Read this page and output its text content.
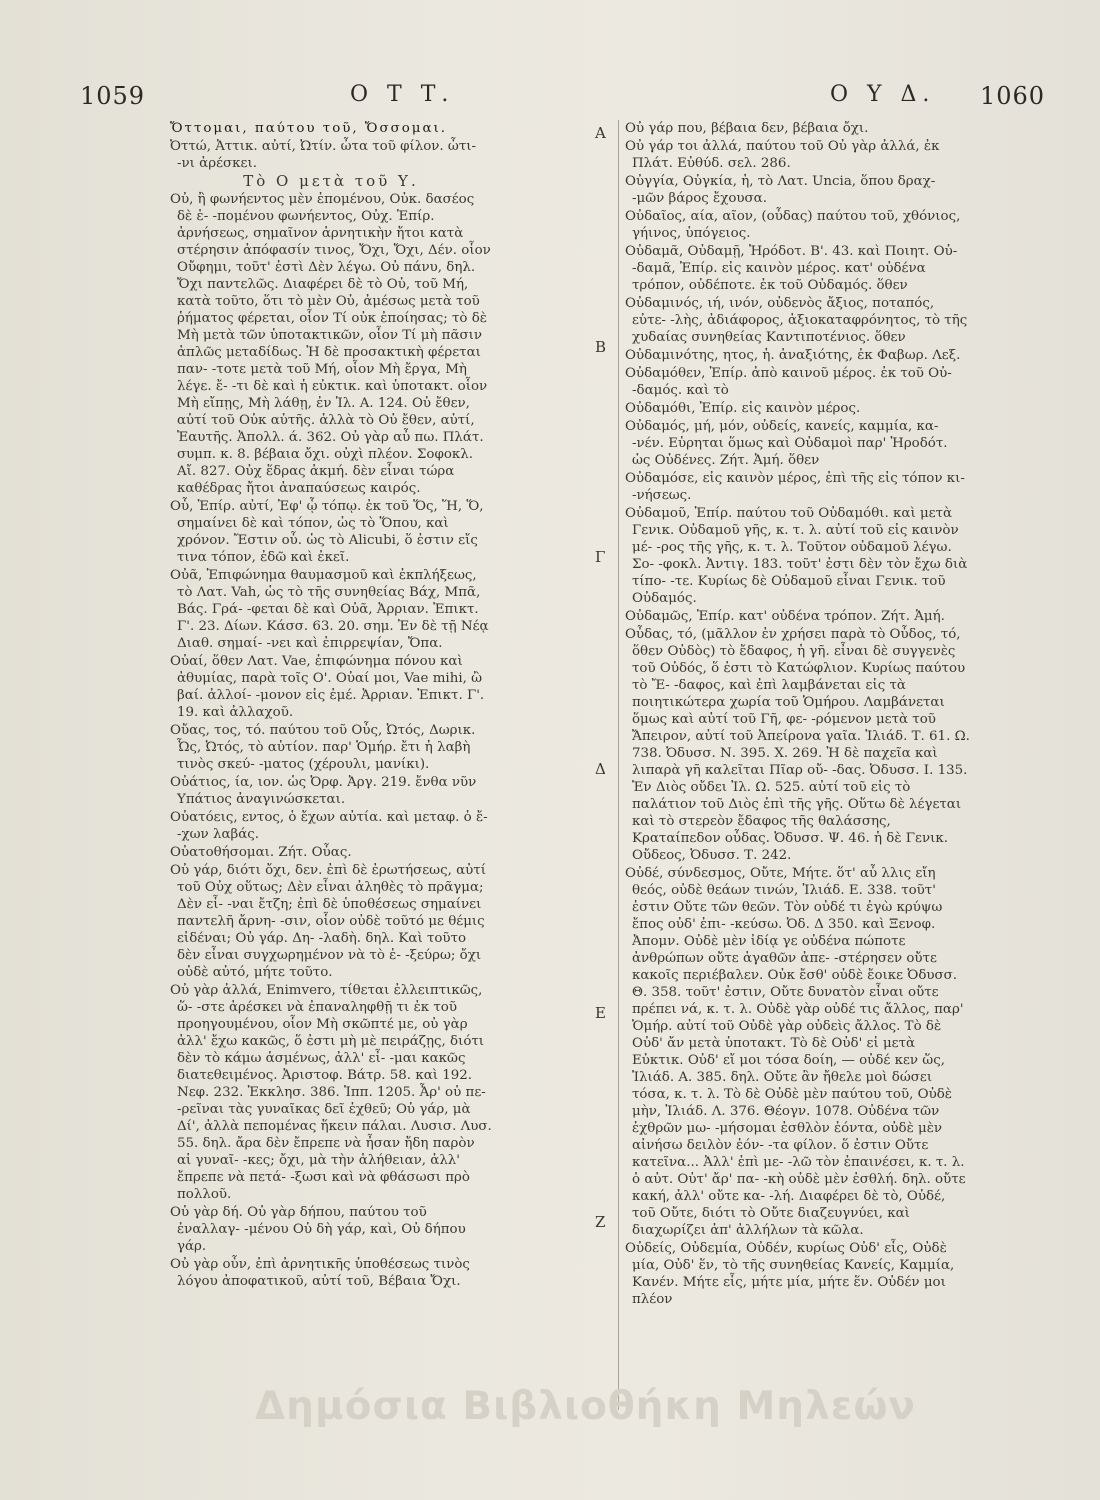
1059	Ο Τ Τ.	Ο Υ Δ. 1060
A
B
Γ
Δ
E
Z

Ὄττομαι, παύτου τοῦ, Ὄσσομαι.

Ὀττώ, Ἀττικ. αὐτί, Ὠτίν. ὦτα τοῦ φίλον. ὦτι- ‑νι ἀρέσκει.

Τὸ Ο μετὰ τοῦ Υ.

Οὐ, ἢ φωνήεντος μὲν ἑπομένου, Οὐκ. δασέος δὲ ἑ- ‑πομένου φωνήεντος, Οὐχ. Ἐπίρ. ἀρνήσεως, σημαῖνον ἀρνητικὴν ἤτοι κατὰ στέρησιν ἀπόφασίν τινος, Ὄχι, Ὄχι, Δέν. οἷον Οὔφημι, τοῦτ' ἐστὶ Δὲν λέγω. Οὐ πάνυ, δηλ. Ὄχι παντελῶς. Διαφέρει δὲ τὸ Οὐ, τοῦ Μή, κατὰ τοῦτο, ὅτι τὸ μὲν Οὐ, ἀμέσως μετὰ τοῦ ῥήματος φέρεται, οἷον Τί οὐκ ἐποίησας; τὸ δὲ Μὴ μετὰ τῶν ὑποτακτικῶν, οἷον Τί μὴ πᾶσιν ἁπλῶς μεταδίδως. Ἡ δὲ προσακτικὴ φέρεται παν- ‑τοτε μετὰ τοῦ Μή, οἷον Μὴ ἔργα, Μὴ λέγε. ἔ- ‑τι δὲ καὶ ἡ εὐκτικ. καὶ ὑποτακτ. οἷον Μὴ εἴπῃς, Μὴ λάθῃ, ἐν Ἰλ. Α. 124. Οὐ ἔθεν, αὐτί τοῦ Οὐκ αὐτῆς. ἀλλὰ τὸ Οὐ ἔθεν, αὐτί, Ἑαυτῆς. Ἀπολλ. ά. 362. Οὐ γὰρ αὖ πω. Πλάτ. συμπ. κ. 8. βέβαια ὄχι. οὐχὶ πλέον. Σοφοκλ. Αἴ. 827. Οὐχ ἕδρας ἀκμή. δὲν εἶναι τώρα καθέδρας ἤτοι ἀναπαύσεως καιρός.

Οὗ, Ἐπίρ. αὐτί, Ἐφ' ᾧ τόπῳ. ἐκ τοῦ Ὅς, Ἥ, Ὅ, σημαίνει δὲ καὶ τόπον, ὡς τὸ Ὅπου, καὶ χρόνον. Ἔστιν οὗ. ὡς τὸ Alicubi, ὅ ἐστιν εἴς τινα τόπον, ἐδῶ καὶ ἐκεῖ.

Οὐᾶ, Ἐπιφώνημα θαυμασμοῦ καὶ ἐκπλήξεως, τὸ Λατ. Vah, ὡς τὸ τῆς συνηθείας Βάχ, Μπᾶ, Βάς. Γρά- ‑φεται δὲ καὶ Οὐᾶ, Ἀρριαν. Ἐπικτ. Γ'. 23. Δίων. Κάσσ. 63. 20. σημ. Ἐν δὲ τῇ Νέᾳ Διαθ. σημαί- ‑νει καὶ ἐπιρρεψίαν, Ὄπα.

Οὐαί, ὅθεν Λατ. Vae, ἐπιφώνημα πόνου καὶ ἀθυμίας, παρὰ τοῖς Ο'. Οὐαί μοι, Vae mihi, ὢ βαί. ἀλλοί- ‑μονον εἰς ἐμέ. Ἀρριαν. Ἐπικτ. Γ'. 19. καὶ ἀλλαχοῦ.

Οὔας, τος, τό. παύτου τοῦ Οὖς, Ὠτός, Δωρικ. Ὦς, Ὠτός, τὸ αὐτίον. παρ' Ὁμήρ. ἔτι ἡ λαβὴ τινὸς σκεύ- ‑ματος (χέρουλι, μανίκι).

Οὐάτιος, ία, ιον. ὡς Ὀρφ. Ἀργ. 219. ἔνθα νῦν Υπάτιος ἀναγινώσκεται.

Οὐατόεις, εντος, ὁ ἔχων αὐτία. καὶ μεταφ. ὁ ἔ- ‑χων λαβάς.

Οὐατοθήσομαι. Ζήτ. Οὖας.

Οὐ γάρ, διότι ὄχι, δεν. ἐπὶ δὲ ἐρωτήσεως, αὐτί τοῦ Οὐχ οὕτως; Δὲν εἶναι ἀληθὲς τὸ πρᾶγμα; Δὲν εἶ- ‑ναι ἔτζη; ἐπὶ δὲ ὑποθέσεως σημαίνει παντελῆ ἄρνη- ‑σιν, οἷον οὐδὲ τοῦτό με θέμις εἰδέναι; Οὐ γάρ. Δη- ‑λαδὴ. δηλ. Καὶ τοῦτο δὲν εἶναι συγχωρημένον νὰ τὸ ἐ- ‑ξεύρω; ὄχι οὐδὲ αὐτό, μήτε τοῦτο.

Οὐ γὰρ ἀλλά, Enimvero, τίθεται ἐλλειπτικῶς, ὥ- ‑στε ἀρέσκει νὰ ἐπαναληφθῇ τι ἐκ τοῦ προηγουμένου, οἷον Μὴ σκῶπτέ με, οὐ γὰρ ἀλλ' ἔχω κακῶς, ὅ ἐστι μὴ μὲ πειράζῃς, διότι δὲν τὸ κάμω ἀσμένως, ἀλλ' εἶ- ‑μαι κακῶς διατεθειμένος. Ἀριστοφ. Βάτρ. 58. καὶ 192. Νεφ. 232. Ἐκκλησ. 386. Ἱππ. 1205. Ἆρ' οὐ πε- ‑ρεῖναι τὰς γυναῖκας δεῖ ἐχθεῦ; Οὐ γάρ, μὰ Δί', ἀλλὰ πεπομένας ἥκειν πάλαι. Λυσισ. Λυσ. 55. δηλ. ἄρα δὲν ἔπρεπε νὰ ἦσαν ἤδη παρὸν αἱ γυναῖ- ‑κες; ὄχι, μὰ τὴν ἀλήθειαν, ἀλλ' ἔπρεπε νὰ πετά- ‑ξωσι καὶ νὰ φθάσωσι πρὸ πολλοῦ.

Οὐ γὰρ δή. Οὐ γὰρ δήπου, παύτου τοῦ ἐναλλαγ- ‑μένου Οὐ δὴ γάρ, καὶ, Οὐ δήπου γάρ.

Οὐ γὰρ οὖν, ἐπὶ ἀρνητικῆς ὑποθέσεως τινὸς λόγου ἀποφατικοῦ, αὐτί τοῦ, Βέβαια Ὄχι.

Οὐ γάρ που, βέβαια δεν, βέβαια ὄχι.

Οὐ γάρ τοι ἀλλά, παύτου τοῦ Οὐ γὰρ ἀλλά, ἐκ Πλάτ. Εὐθύδ. σελ. 286.

Οὐγγία, Οὐγκία, ἡ, τὸ Λατ. Uncia, ὅπου δραχ- ‑μῶν βάρος ἔχουσα.

Οὐδαῖος, αία, αῖον, (οὖδας) παύτου τοῦ, χθόνιος, γήινος, ὑπόγειος.

Οὐδαμᾶ, Οὐδαμῇ, Ἡρόδοτ. Β'. 43. καὶ Ποιητ. Οὐ- ‑δαμᾶ, Ἐπίρ. εἰς καινὸν μέρος. κατ' οὐδένα τρόπον, οὐδέποτε. ἐκ τοῦ Οὐδαμός. ὅθεν

Οὐδαμινός, ιή, ινόν, οὐδενὸς ἄξιος, ποταπός, εὐτε- ‑λὴς, ἀδιάφορος, ἀξιοκαταφρόνητος, τὸ τῆς χυδαίας συνηθείας Καντιποτένιος. ὅθεν

Οὐδαμινότης, ητος, ἡ. ἀναξιότης, ἐκ Φαβωρ. Λεξ.

Οὐδαμόθεν, Ἐπίρ. ἀπὸ καινοῦ μέρος. ἐκ τοῦ Οὐ- ‑δαμός. καὶ τὸ

Οὐδαμόθι, Ἐπίρ. εἰς καινὸν μέρος.

Οὐδαμός, μή, μόν, οὐδείς, κανείς, καμμία, κα- ‑νέν. Εὑρηται ὅμως καὶ Οὐδαμοὶ παρ' Ἡροδότ. ὡς Οὐδένες. Ζήτ. Ἀμή. ὅθεν

Οὐδαμόσε, εἰς καινὸν μέρος, ἐπὶ τῆς εἰς τόπον κι- ‑νήσεως.

Οὐδαμοῦ, Ἐπίρ. παύτου τοῦ Οὐδαμόθι. καὶ μετὰ Γενικ. Οὐδαμοῦ γῆς, κ. τ. λ. αὐτί τοῦ εἰς καινὸν μέ- ‑ρος τῆς γῆς, κ. τ. λ. Τοῦτον οὐδαμοῦ λέγω. Σο- ‑φοκλ. Ἀντιγ. 183. τοῦτ' ἐστι δὲν τὸν ἔχω διὰ τίπο- ‑τε. Κυρίως δὲ Οὐδαμοῦ εἶναι Γενικ. τοῦ Οὐδαμός.

Οὐδαμῶς, Ἐπίρ. κατ' οὐδένα τρόπον. Ζήτ. Ἀμή.

Οὖδας, τό, (μᾶλλον ἐν χρήσει παρὰ τὸ Οὖδος, τό, ὅθεν Οὐδὸς) τὸ ἔδαφος, ἡ γῆ. εἶναι δὲ συγγενὲς τοῦ Οὐδός, ὅ ἐστι τὸ Κατώφλιον. Κυρίως παύτου τὸ Ἔ- ‑δαφος, καὶ ἐπὶ λαμβάνεται εἰς τὰ ποιητικώτερα χωρία τοῦ Ὁμήρου. Λαμβάνεται ὅμως καὶ αὐτί τοῦ Γῆ, φε- ‑ρόμενον μετὰ τοῦ Ἄπειρον, αὐτί τοῦ Ἀπείρονα γαῖα. Ἰλιάδ. Τ. 61. Ω. 738. Ὀδυσσ. Ν. 395. Χ. 269. Ἡ δὲ παχεῖα καὶ λιπαρὰ γῆ καλεῖται Πῖαρ οὔ- ‑δας. Ὀδυσσ. Ι. 135. Ἐν Διὸς οὔδει Ἰλ. Ω. 525. αὐτί τοῦ εἰς τὸ παλάτιον τοῦ Διὸς ἐπὶ τῆς γῆς. Οὕτω δὲ λέγεται καὶ τὸ στερεὸν ἔδαφος τῆς θαλάσσης, Κραταίπεδον οὖδας. Ὀδυσσ. Ψ. 46. ἡ δὲ Γενικ. Οὔδεος, Ὀδυσσ. Τ. 242.

Οὐδέ, σύνδεσμος, Οὔτε, Μήτε. ὅτ' αὖ λλις εἴη θεός, οὐδὲ θεάων τινών, Ἰλιάδ. Ε. 338. τοῦτ' ἐστιν Οὔτε τῶν θεῶν. Τὸν οὐδέ τι ἐγὼ κρύψω ἔπος οὐδ' ἐπι- ‑κεύσω. Ὀδ. Δ 350. καὶ Ξενοφ. Ἀπομν. Οὐδὲ μὲν ἰδίᾳ γε οὐδένα πώποτε ἀνθρώπων οὔτε ἀγαθῶν ἀπε- ‑στέρησεν οὔτε κακοῖς περιέβαλεν. Οὐκ ἔσθ' οὐδὲ ἔοικε Ὀδυσσ. Θ. 358. τοῦτ' ἐστιν, Οὔτε δυνατὸν εἶναι οὔτε πρέπει νά, κ. τ. λ. Οὐδὲ γὰρ οὐδέ τις ἄλλος, παρ' Ὁμήρ. αὐτί τοῦ Οὐδὲ γὰρ οὐδεὶς ἄλλος. Τὸ δὲ Οὐδ' ἄν μετὰ ὑποτακτ. Τὸ δὲ Οὐδ' εἰ μετὰ Εὐκτικ. Οὐδ' εἴ μοι τόσα δοίη, — οὐδέ κεν ὥς, Ἰλιάδ. Α. 385. δηλ. Οὔτε ἂν ἤθελε μοὶ δώσει τόσα, κ. τ. λ. Τὸ δὲ Οὐδὲ μὲν παύτου τοῦ, Οὐδὲ μὴν, Ἰλιάδ. Λ. 376. Θέογν. 1078. Οὐδένα τῶν ἐχθρῶν μω- ‑μήσομαι ἐσθλὸν ἐόντα, οὐδὲ μὲν αἰνήσω δειλὸν ἐόν- ‑τα φίλον. ὅ ἐστιν Οὔτε κατεῖνα... Ἀλλ' ἐπὶ με- ‑λῶ τὸν ἐπαινέσει, κ. τ. λ. ὁ αὐτ. Οὐτ' ἄρ' πα- ‑κὴ οὐδὲ μὲν ἐσθλή. δηλ. οὔτε κακή, ἀλλ' οὔτε κα- ‑λή. Διαφέρει δὲ τὸ, Οὐδέ, τοῦ Οὔτε, διότι τὸ Οὔτε διαζευγνύει, καὶ διαχωρίζει ἀπ' ἀλλήλων τὰ κῶλα.

Οὐδείς, Οὐδεμία, Οὐδέν, κυρίως Οὐδ' εἷς, Οὐδὲ μία, Οὐδ' ἕν, τὸ τῆς συνηθείας Κανείς, Καμμία, Κανέν. Μήτε εἷς, μήτε μία, μήτε ἕν. Οὐδέν μοι πλέον

Δημόσια Βιβλιοθήκη Μηλεών
